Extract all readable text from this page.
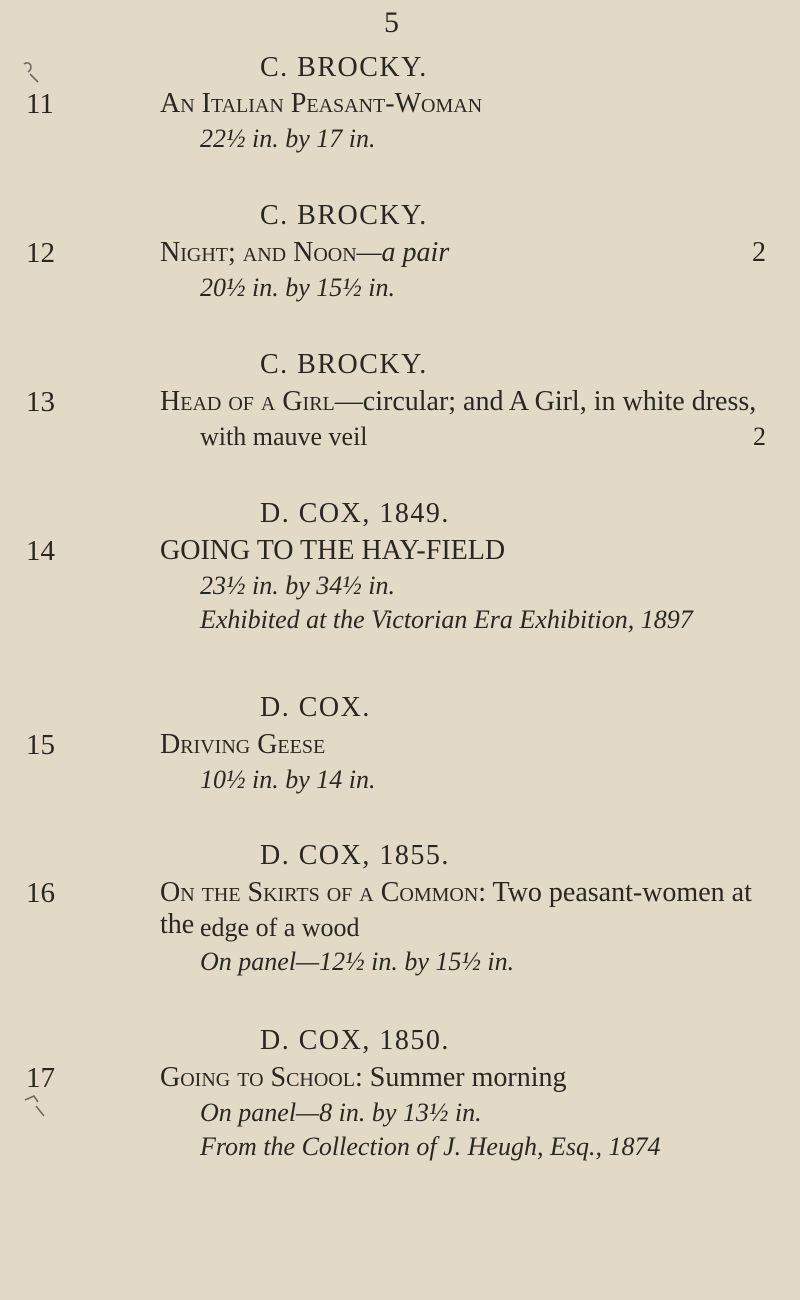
5
C. BROCKY.
11	An Italian Peasant-Woman
22½ in. by 17 in.
C. BROCKY.
12	Night; and Noon—a pair	2
20½ in. by 15½ in.
C. BROCKY.
13	Head of a Girl—circular; and A Girl, in white dress,
with mauve veil	2
D. COX, 1849.
14	GOING TO THE HAY-FIELD
23½ in. by 34½ in.
Exhibited at the Victorian Era Exhibition, 1897
D. COX.
15	Driving Geese
10½ in. by 14 in.
D. COX, 1855.
16	On the Skirts of a Common: Two peasant-women at the edge of a wood
On panel—12½ in. by 15½ in.
D. COX, 1850.
17	Going to School: Summer morning
On panel—8 in. by 13½ in.
From the Collection of J. Heugh, Esq., 1874
